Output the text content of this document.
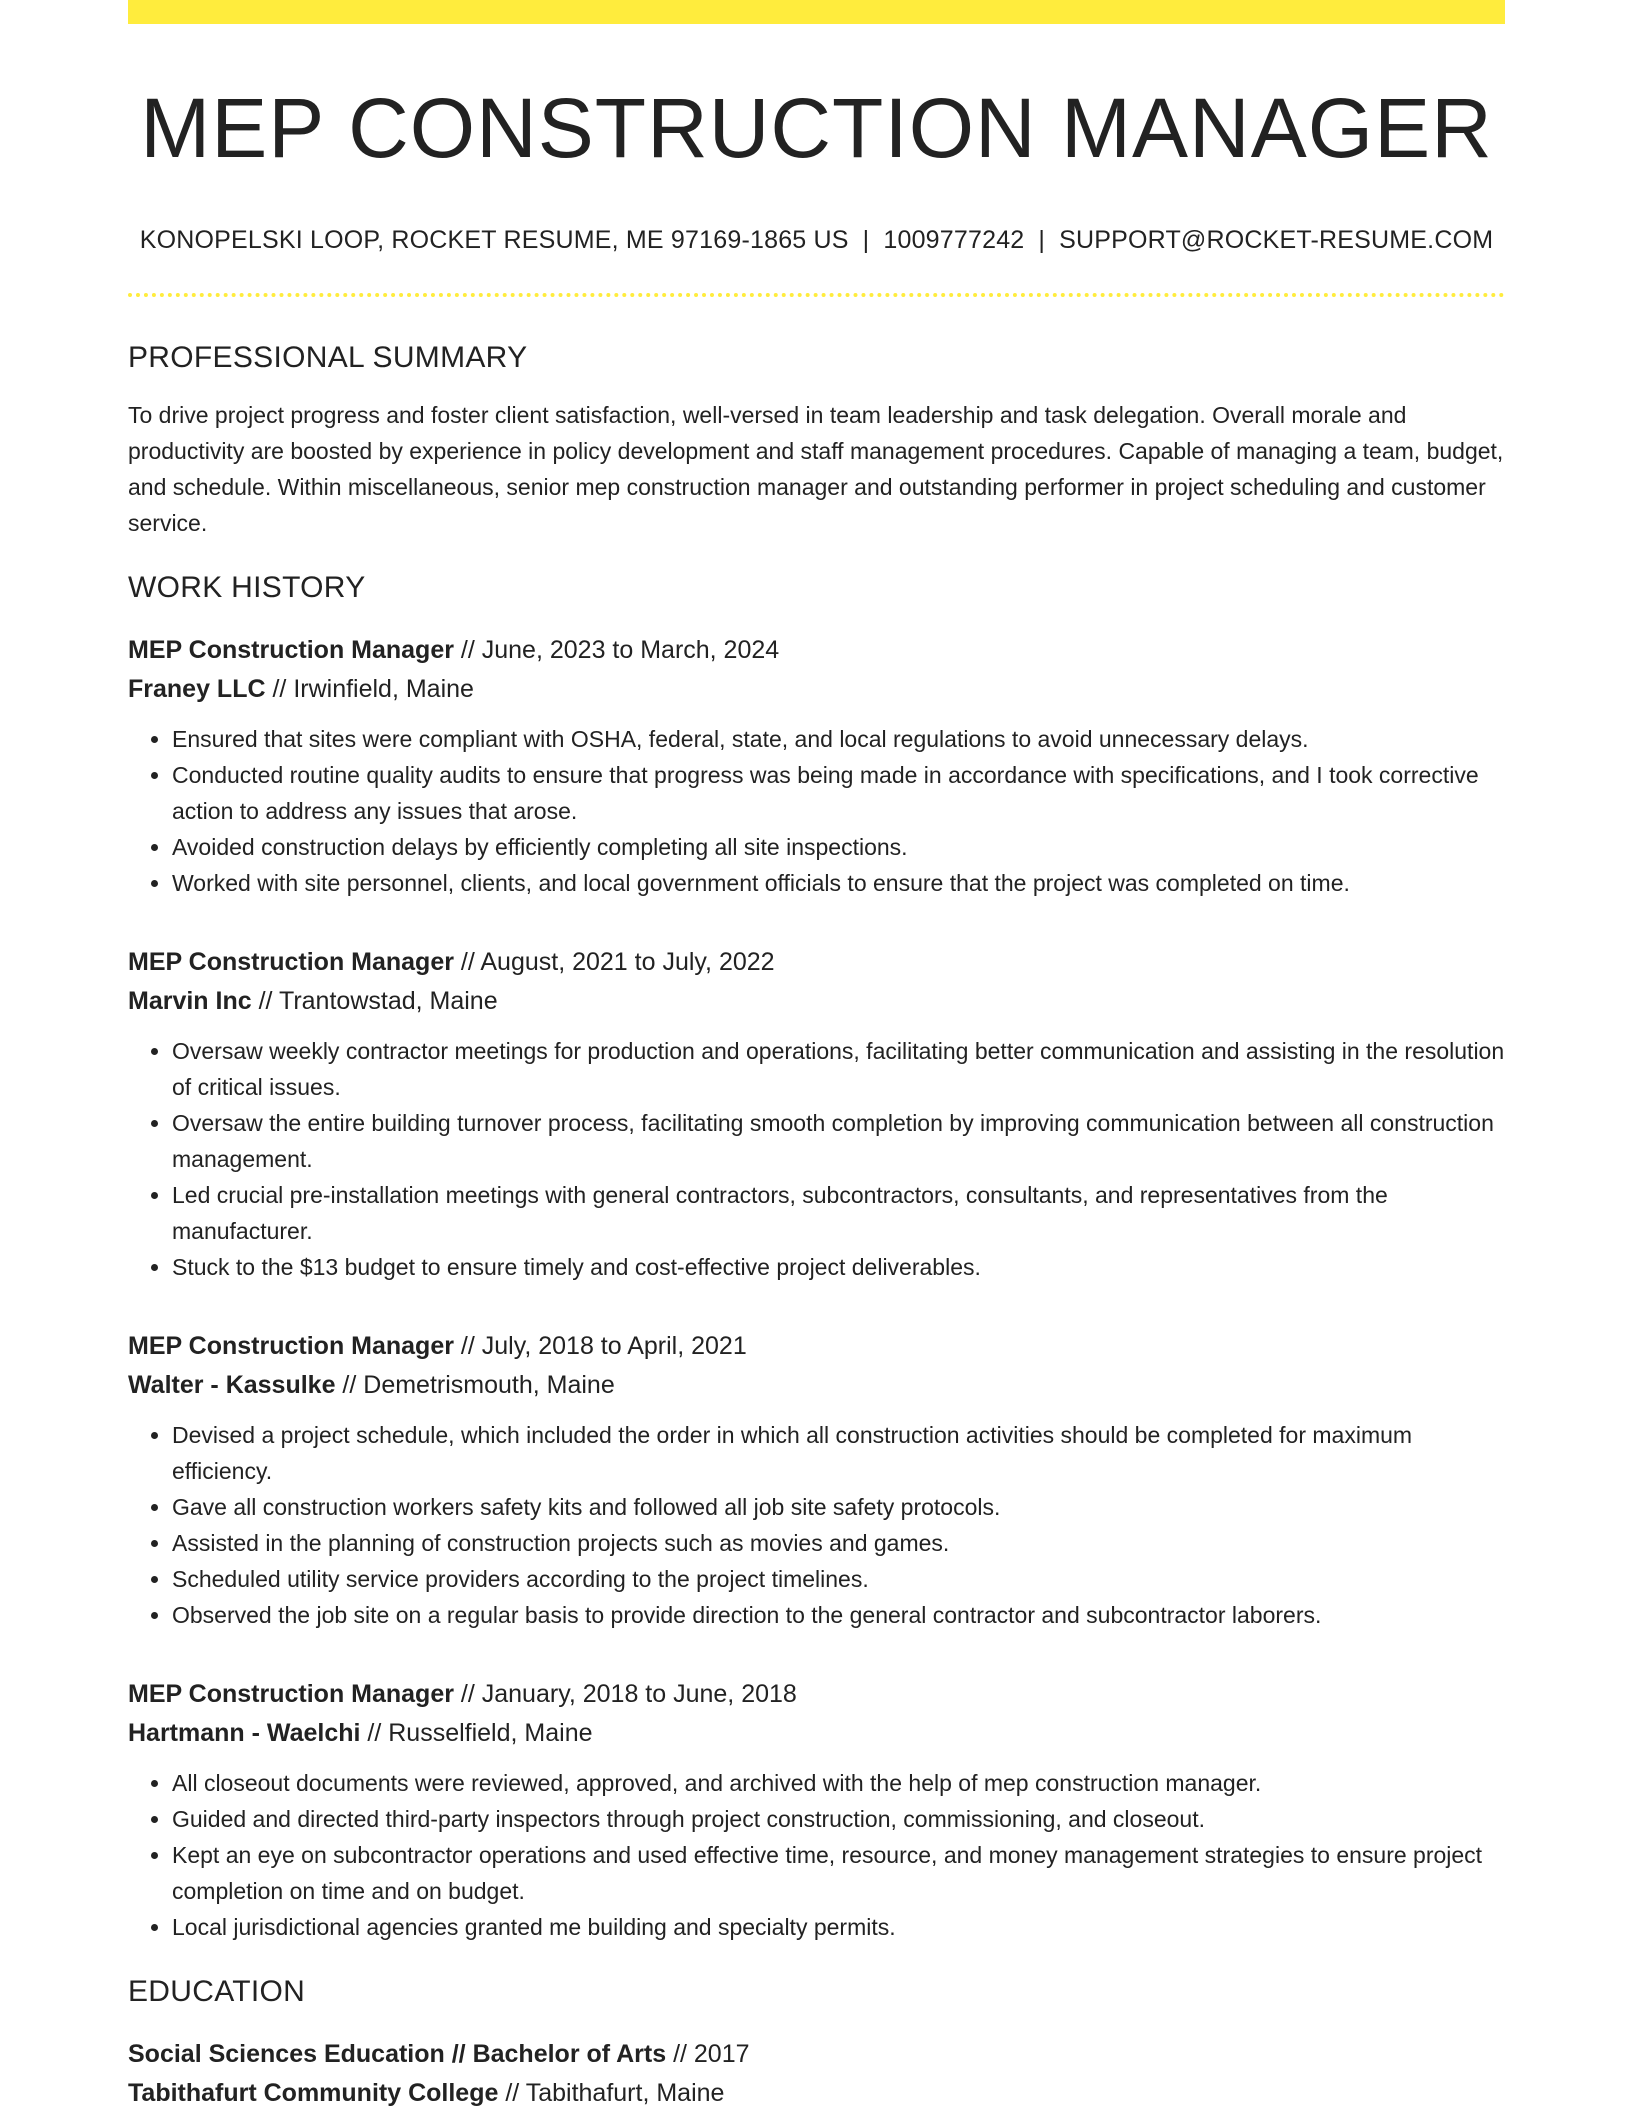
MEP CONSTRUCTION MANAGER
KONOPELSKI LOOP, ROCKET RESUME, ME 97169-1865 US | 1009777242 | SUPPORT@ROCKET-RESUME.COM
PROFESSIONAL SUMMARY

To drive project progress and foster client satisfaction, well-versed in team leadership and task delegation. Overall morale and productivity are boosted by experience in policy development and staff management procedures. Capable of managing a team, budget, and schedule. Within miscellaneous, senior mep construction manager and outstanding performer in project scheduling and customer service.

WORK HISTORY
MEP Construction Manager // June, 2023 to March, 2024
Franey LLC // Irwinfield, Maine
• Ensured that sites were compliant with OSHA, federal, state, and local regulations to avoid unnecessary delays.
• Conducted routine quality audits to ensure that progress was being made in accordance with specifications, and I took corrective action to address any issues that arose.
• Avoided construction delays by efficiently completing all site inspections.
• Worked with site personnel, clients, and local government officials to ensure that the project was completed on time.
MEP Construction Manager // August, 2021 to July, 2022
Marvin Inc // Trantowstad, Maine
• Oversaw weekly contractor meetings for production and operations, facilitating better communication and assisting in the resolution of critical issues.
• Oversaw the entire building turnover process, facilitating smooth completion by improving communication between all construction management.
• Led crucial pre-installation meetings with general contractors, subcontractors, consultants, and representatives from the manufacturer.
• Stuck to the $13 budget to ensure timely and cost-effective project deliverables.
MEP Construction Manager // July, 2018 to April, 2021
Walter - Kassulke // Demetrismouth, Maine
• Devised a project schedule, which included the order in which all construction activities should be completed for maximum efficiency.
• Gave all construction workers safety kits and followed all job site safety protocols.
• Assisted in the planning of construction projects such as movies and games.
• Scheduled utility service providers according to the project timelines.
• Observed the job site on a regular basis to provide direction to the general contractor and subcontractor laborers.
MEP Construction Manager // January, 2018 to June, 2018
Hartmann - Waelchi // Russelfield, Maine
• All closeout documents were reviewed, approved, and archived with the help of mep construction manager.
• Guided and directed third-party inspectors through project construction, commissioning, and closeout.
• Kept an eye on subcontractor operations and used effective time, resource, and money management strategies to ensure project completion on time and on budget.
• Local jurisdictional agencies granted me building and specialty permits.
EDUCATION
Social Sciences Education // Bachelor of Arts // 2017
Tabithafurt Community College // Tabithafurt, Maine
